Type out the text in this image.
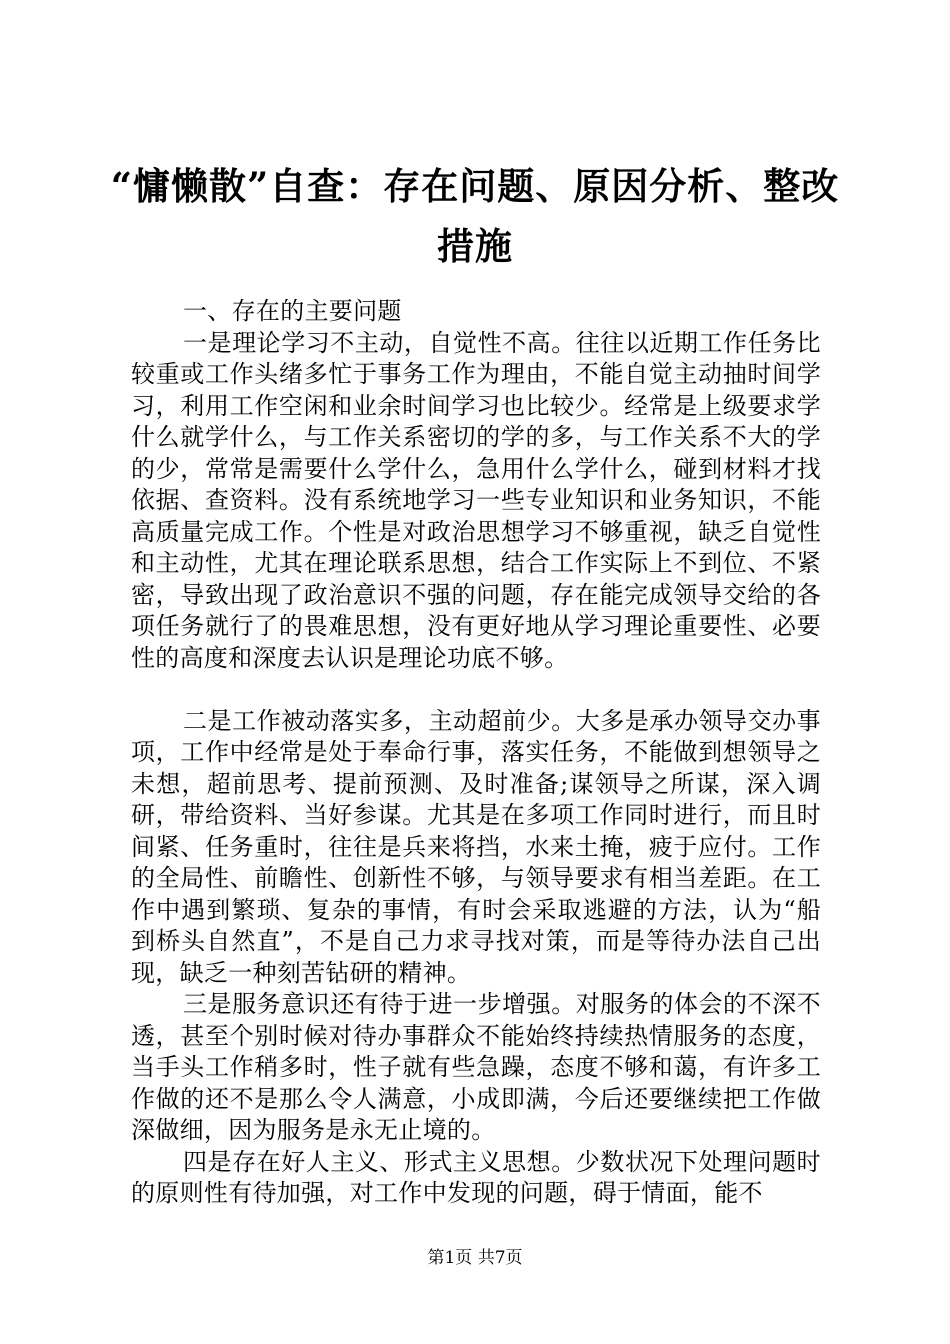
“慵懒散”自查：存在问题、原因分析、整改措施

一、存在的主要问题

一是理论学习不主动，自觉性不高。往往以近期工作任务比较重或工作头绪多忙于事务工作为理由，不能自觉主动抽时间学习，利用工作空闲和业余时间学习也比较少。经常是上级要求学什么就学什么，与工作关系密切的学的多，与工作关系不大的学的少，常常是需要什么学什么，急用什么学什么，碰到材料才找依据、查资料。没有系统地学习一些专业知识和业务知识，不能高质量完成工作。个性是对政治思想学习不够重视，缺乏自觉性和主动性，尤其在理论联系思想，结合工作实际上不到位、不紧密，导致出现了政治意识不强的问题，存在能完成领导交给的各项任务就行了的畏难思想，没有更好地从学习理论重要性、必要性的高度和深度去认识是理论功底不够。

二是工作被动落实多，主动超前少。大多是承办领导交办事项，工作中经常是处于奉命行事，落实任务，不能做到想领导之未想，超前思考、提前预测、及时准备;谋领导之所谋，深入调研，带给资料、当好参谋。尤其是在多项工作同时进行，而且时间紧、任务重时，往往是兵来将挡，水来土掩，疲于应付。工作的全局性、前瞻性、创新性不够，与领导要求有相当差距。在工作中遇到繁琐、复杂的事情，有时会采取逃避的方法，认为“船到桥头自然直”，不是自己力求寻找对策，而是等待办法自己出现，缺乏一种刻苦钻研的精神。

三是服务意识还有待于进一步增强。对服务的体会的不深不透，甚至个别时候对待办事群众不能始终持续热情服务的态度，当手头工作稍多时，性子就有些急躁，态度不够和蔼，有许多工作做的还不是那么令人满意，小成即满，今后还要继续把工作做深做细，因为服务是永无止境的。

四是存在好人主义、形式主义思想。少数状况下处理问题时的原则性有待加强，对工作中发现的问题，碍于情面，能不

第1页 共7页
